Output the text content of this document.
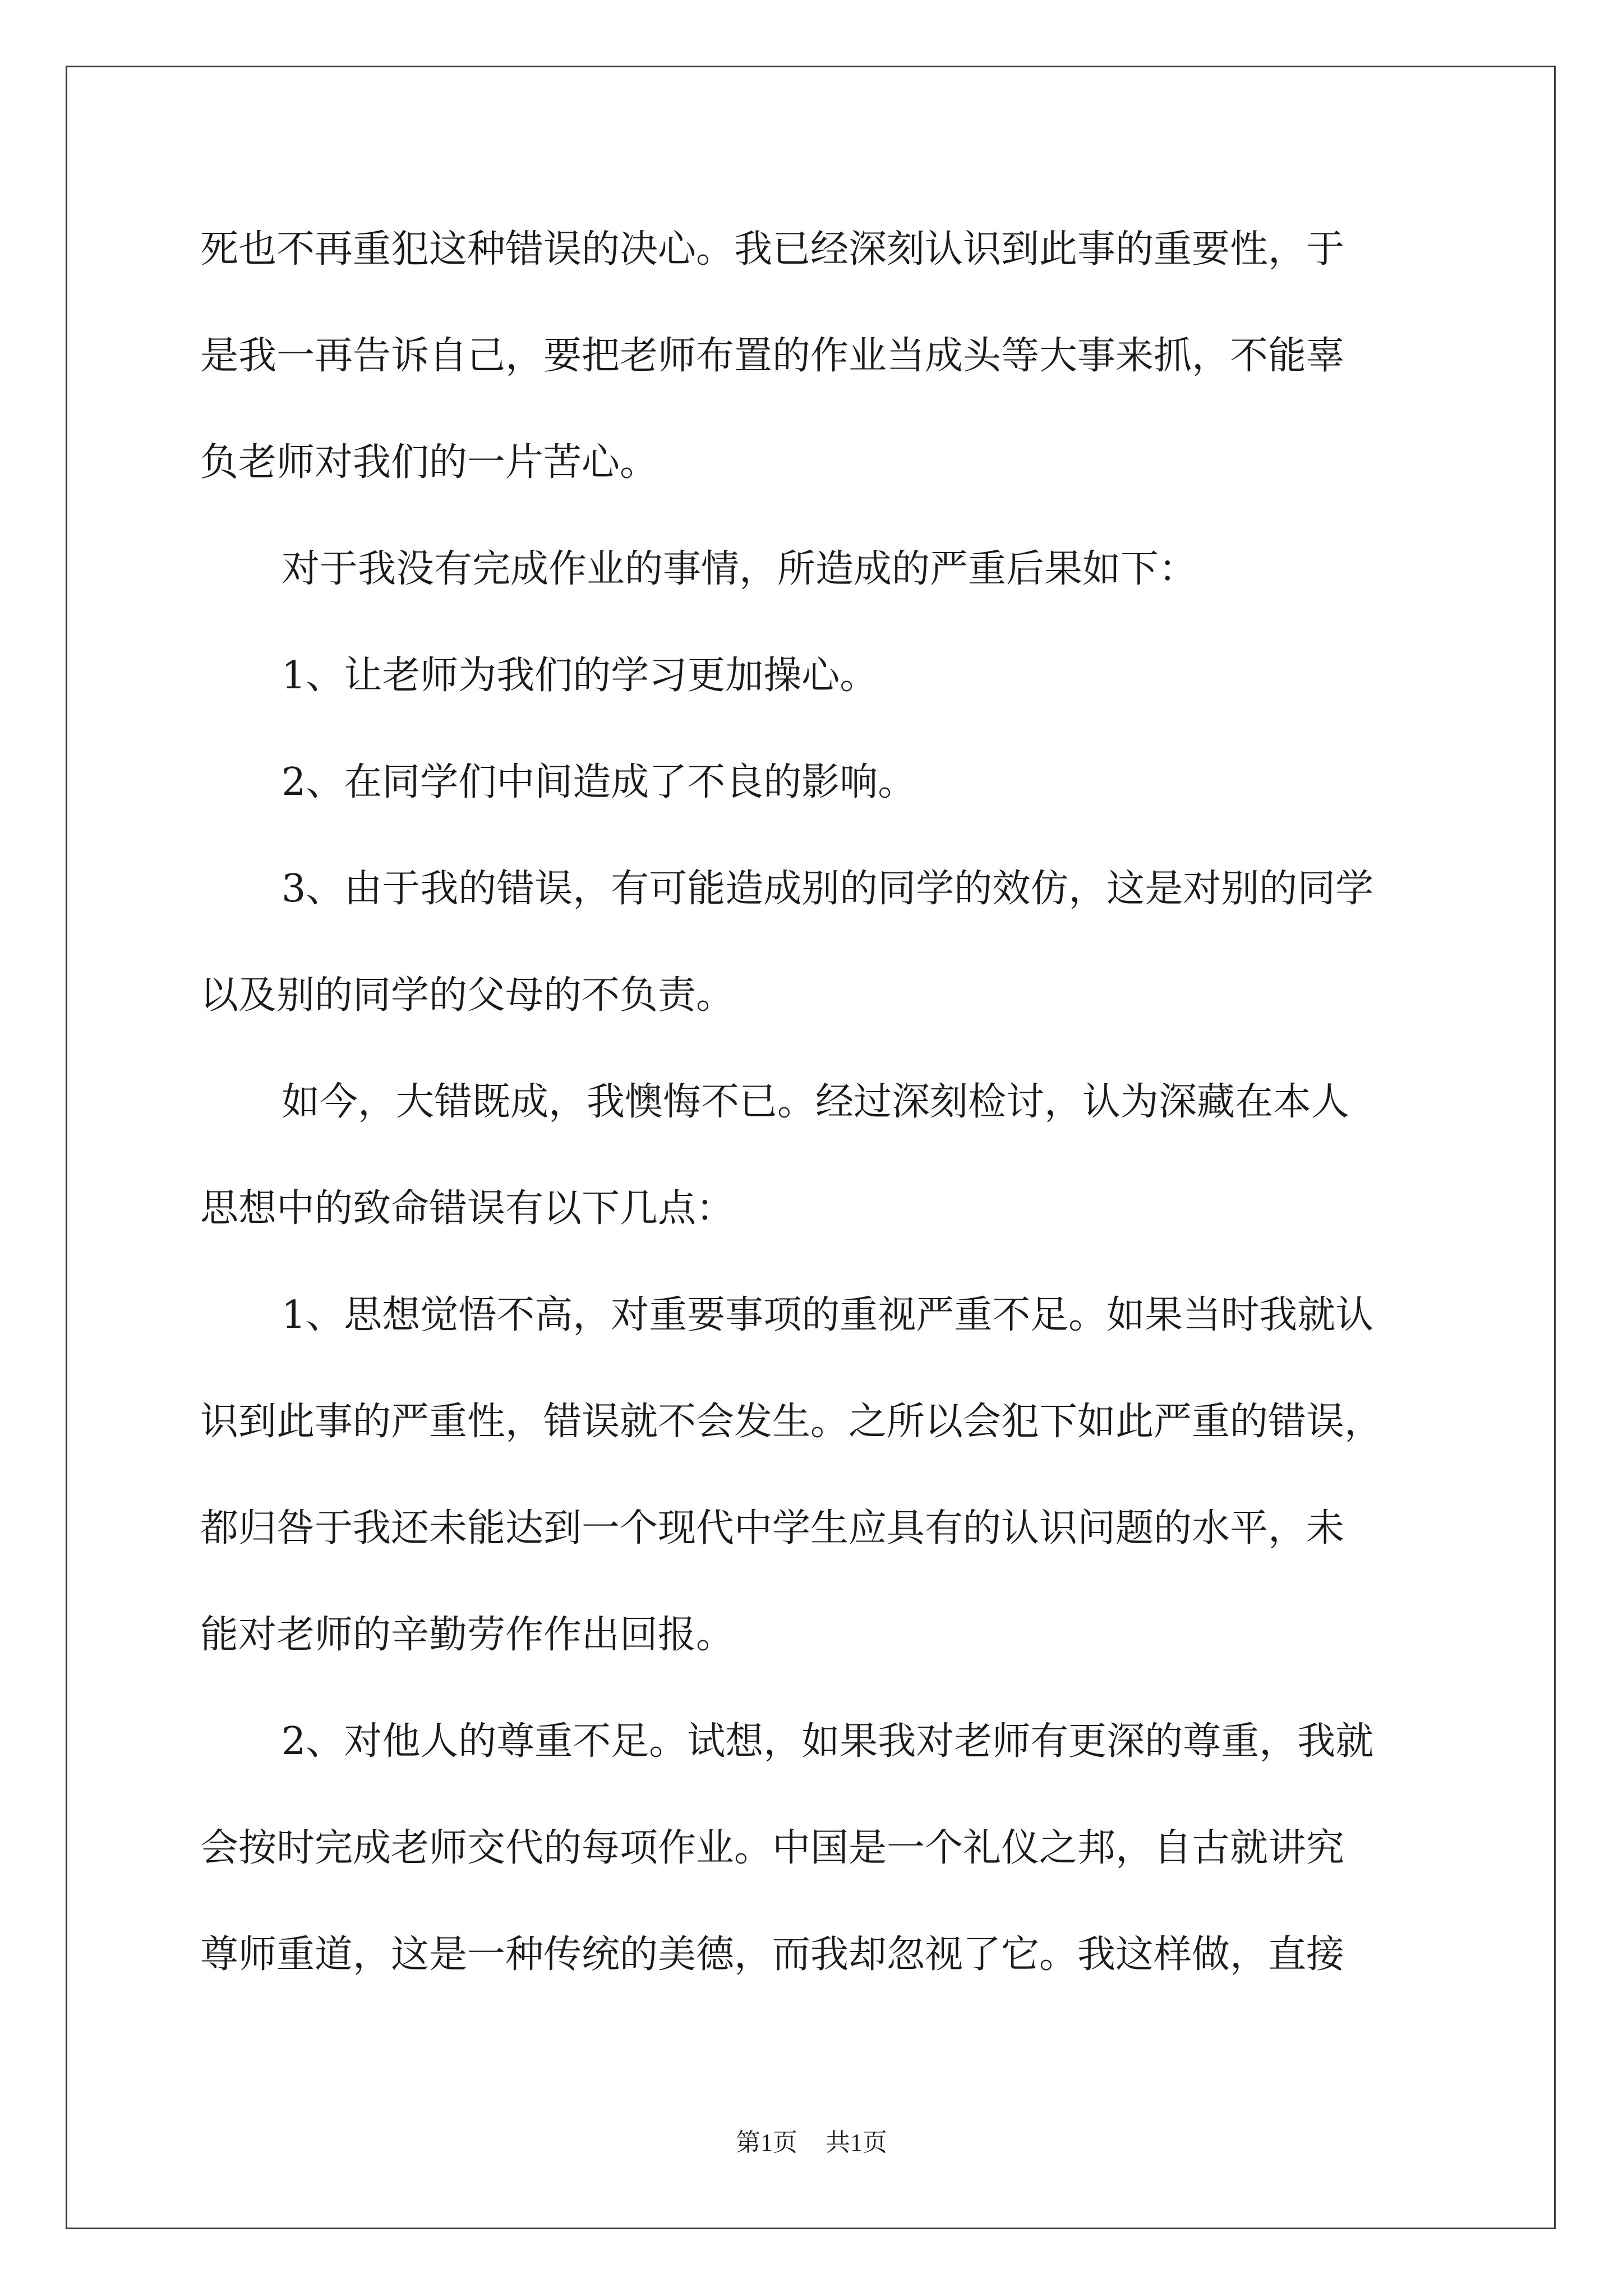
死也不再重犯这种错误的决心。我已经深刻认识到此事的重要性，于
是我一再告诉自己，要把老师布置的作业当成头等大事来抓，不能辜
负老师对我们的一片苦心。
对于我没有完成作业的事情，所造成的严重后果如下：
1、让老师为我们的学习更加操心。
2、在同学们中间造成了不良的影响。
3、由于我的错误，有可能造成别的同学的效仿，这是对别的同学
以及别的同学的父母的不负责。
如今，大错既成，我懊悔不已。经过深刻检讨，认为深藏在本人
思想中的致命错误有以下几点：
1、思想觉悟不高，对重要事项的重视严重不足。如果当时我就认
识到此事的严重性，错误就不会发生。之所以会犯下如此严重的错误，
都归咎于我还未能达到一个现代中学生应具有的认识问题的水平，未
能对老师的辛勤劳作作出回报。
2、对他人的尊重不足。试想，如果我对老师有更深的尊重，我就
会按时完成老师交代的每项作业。中国是一个礼仪之邦，自古就讲究
尊师重道，这是一种传统的美德，而我却忽视了它。我这样做，直接
第1页 共1页
